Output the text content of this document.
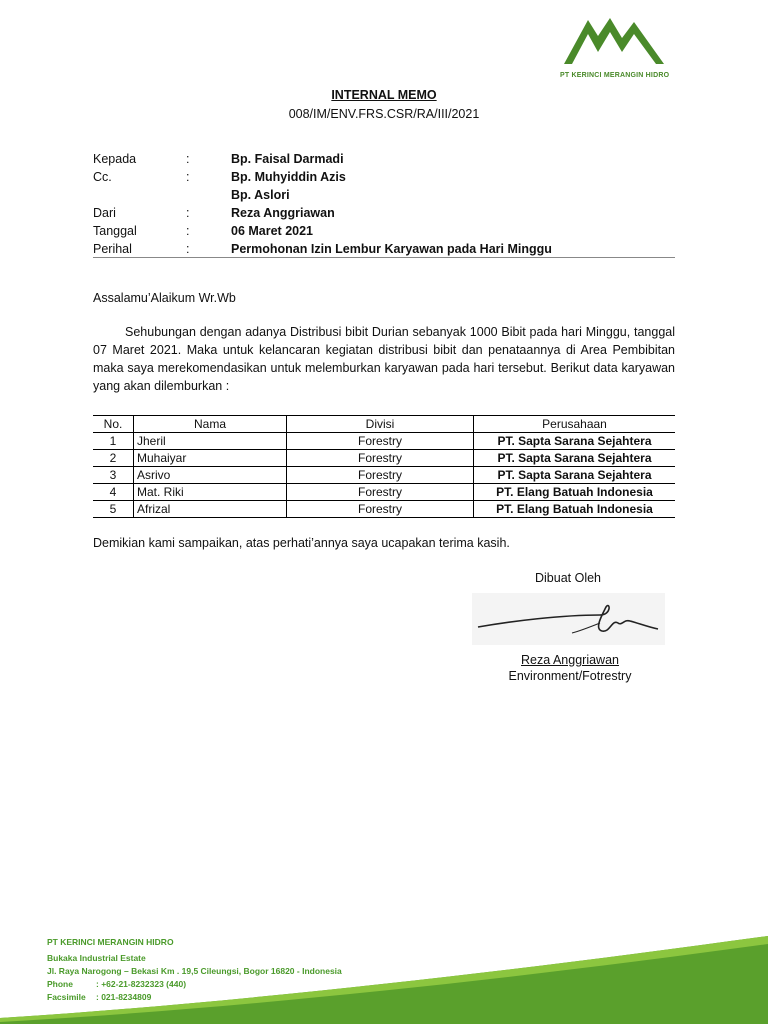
PT KERINCI MERANGIN HIDRO
INTERNAL MEMO
008/IM/ENV.FRS.CSR/RA/III/2021
Kepada	:	Bp. Faisal Darmadi
Cc.	:	Bp. Muhyiddin Azis
Bp. Aslori
Dari	:	Reza Anggriawan
Tanggal	:	06 Maret 2021
Perihal	:	Permohonan Izin Lembur Karyawan pada Hari Minggu
Assalamu’Alaikum Wr.Wb
Sehubungan dengan adanya Distribusi bibit Durian sebanyak 1000 Bibit pada hari Minggu, tanggal 07 Maret 2021. Maka untuk kelancaran kegiatan distribusi bibit dan penataannya di Area Pembibitan maka saya merekomendasikan untuk melemburkan karyawan pada hari tersebut. Berikut data karyawan yang akan dilemburkan :
No.	Nama	Divisi	Perusahaan
1	Jheril	Forestry	PT. Sapta Sarana Sejahtera
2	Muhaiyar	Forestry	PT. Sapta Sarana Sejahtera
3	Asrivo	Forestry	PT. Sapta Sarana Sejahtera
4	Mat. Riki	Forestry	PT. Elang Batuah Indonesia
5	Afrizal	Forestry	PT. Elang Batuah Indonesia
Demikian kami sampaikan, atas perhati’annya saya ucapakan terima kasih.
Dibuat Oleh
Reza Anggriawan
Environment/Fotrestry
PT KERINCI MERANGIN HIDRO
Bukaka Industrial Estate
Jl. Raya Narogong – Bekasi Km . 19,5 Cileungsi, Bogor 16820 - Indonesia
Phone	: +62-21-8232323 (440)
Facsimile	: 021-8234809
